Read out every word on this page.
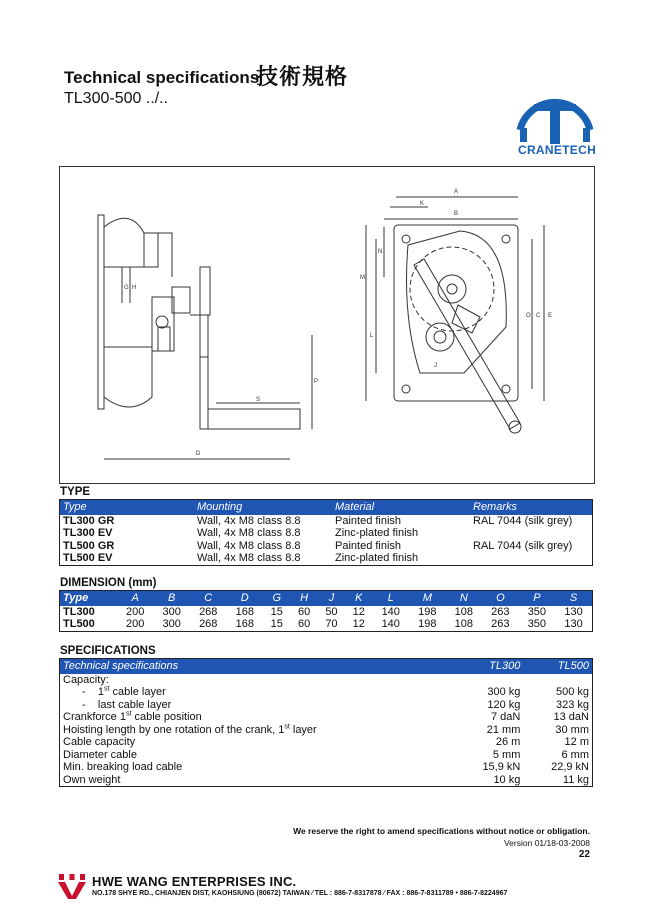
Technical specifications
技術規格
TL300-500 ../..
CRANETECH
A
B
C
D
E
G H
J
K
L
M
N
O
P
S
TYPE
Type	Mounting	Material	Remarks
TL300 GR	Wall, 4x M8 class 8.8	Painted finish	RAL 7044 (silk grey)
TL300 EV	Wall, 4x M8 class 8.8	Zinc-plated finish	
TL500 GR	Wall, 4x M8 class 8.8	Painted finish	RAL 7044 (silk grey)
TL500 EV	Wall, 4x M8 class 8.8	Zinc-plated finish	
DIMENSION (mm)
Type	A	B	C	D	G	H	J	K	L	M	N	O	P	S
TL300	200	300	268	168	15	60	50	12	140	198	108	263	350	130
TL500	200	300	268	168	15	60	70	12	140	198	108	263	350	130
SPECIFICATIONS
Technical specifications	TL300	TL500
Capacity:		
- 1st cable layer	300 kg	500 kg
- last cable layer	120 kg	323 kg
Crankforce 1st cable position	7 daN	13 daN
Hoisting length by one rotation of the crank, 1st layer	21 mm	30 mm
Cable capacity	26 m	12 m
Diameter cable	5 mm	6 mm
Min. breaking load cable	15,9 kN	22,9 kN
Own weight	10 kg	11 kg
We reserve the right to amend specifications without notice or obligation.
Version 01/18-03-2008
22
HWE WANG ENTERPRISES INC.
NO.178 SHYE RD., CHIANJEN DIST, KAOHSIUNG (80672) TAIWAN ⁄ TEL : 886-7-8317878 ⁄ FAX : 886-7-8311789 • 886-7-8224967
